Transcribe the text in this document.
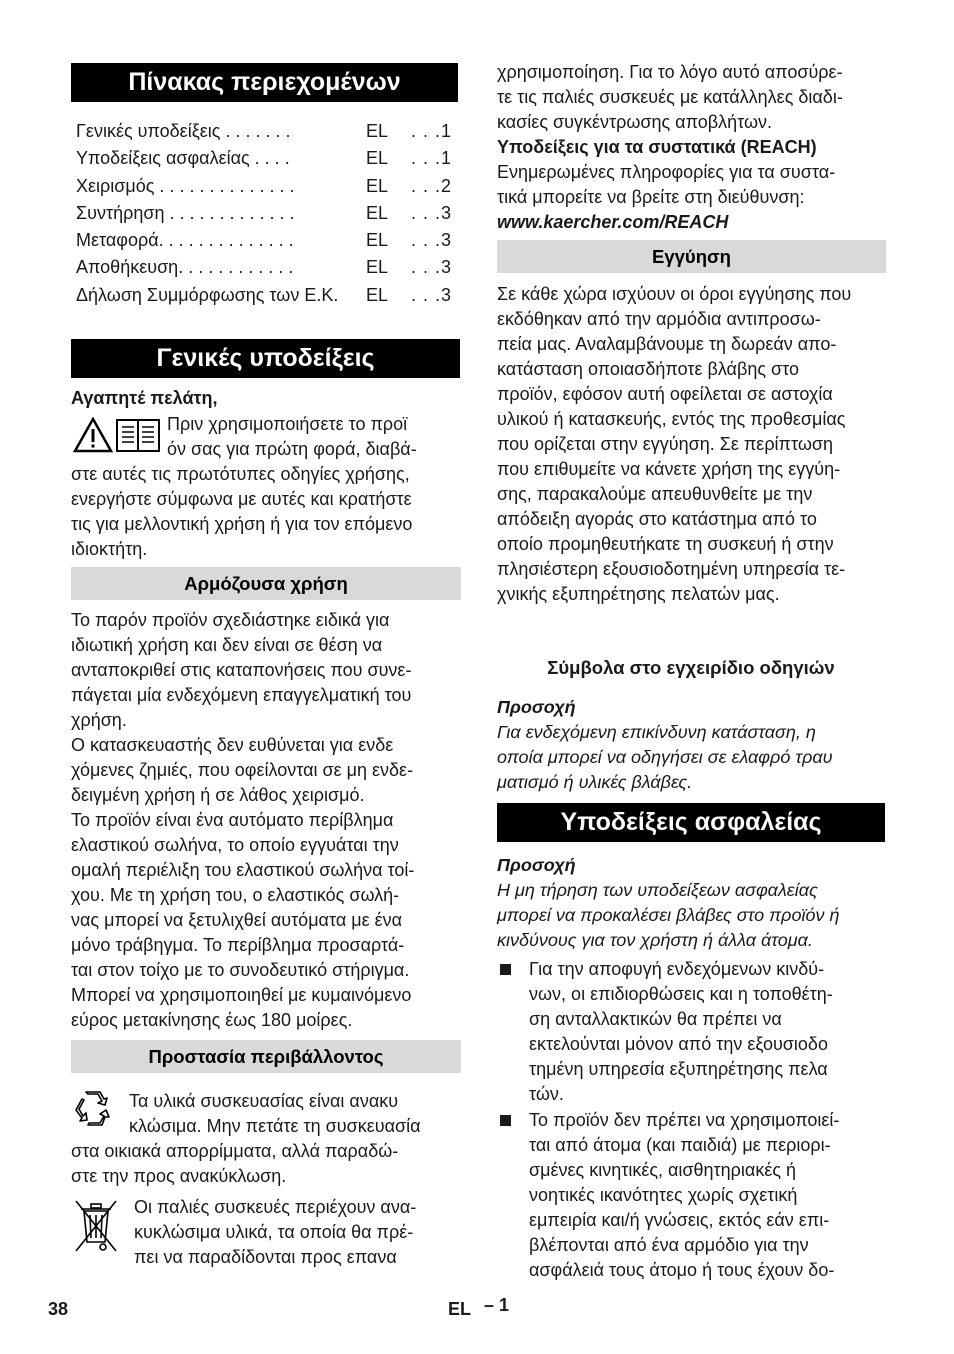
Πίνακας περιεχομένων
Γενικές υποδείξεις . . . . . . .	EL . . .1
Υποδείξεις ασφαλείας . . . .	EL . . .1
Χειρισμός . . . . . . . . . . . . . .	EL . . .2
Συντήρηση . . . . . . . . . . . . .	EL . . .3
Μεταφορά. . . . . . . . . . . . . .	EL . . .3
Αποθήκευση. . . . . . . . . . . .	EL . . .3
Δήλωση Συμμόρφωσης των Ε.Κ. EL . . .3
Γενικές υποδείξεις
Αγαπητέ πελάτη,

Πριν χρησιμοποιήσετε το προϊ

όν σας για πρώτη φορά, διαβά-

στε αυτές τις πρωτότυπες οδηγίες χρήσης,

ενεργήστε σύμφωνα με αυτές και κρατήστε

τις για μελλοντική χρήση ή για τον επόμενο

ιδιοκτήτη.

Αρμόζουσα χρήση

Το παρόν προϊόν σχεδιάστηκε ειδικά για

ιδιωτική χρήση και δεν είναι σε θέση να

ανταποκριθεί στις καταπονήσεις που συνε-

πάγεται μία ενδεχόμενη επαγγελματική του

χρήση.

Ο κατασκευαστής δεν ευθύνεται για ενδε

χόμενες ζημιές, που οφείλονται σε μη ενδε-

δειγμένη χρήση ή σε λάθος χειρισμό.

Το προϊόν είναι ένα αυτόματο περίβλημα

ελαστικού σωλήνα, το οποίο εγγυάται την

ομαλή περιέλιξη του ελαστικού σωλήνα τοί-

χου. Με τη χρήση του, ο ελαστικός σωλή-

νας μπορεί να ξετυλιχθεί αυτόματα με ένα

μόνο τράβηγμα. Το περίβλημα προσαρτά-

ται στον τοίχο με το συνοδευτικό στήριγμα.

Μπορεί να χρησιμοποιηθεί με κυμαινόμενο

εύρος μετακίνησης έως 180 μοίρες.

Προστασία περιβάλλοντος

Τα υλικά συσκευασίας είναι ανακυ

κλώσιμα. Μην πετάτε τη συσκευασία

στα οικιακά απορρίμματα, αλλά παραδώ-

στε την προς ανακύκλωση.

Οι παλιές συσκευές περιέχουν ανα-

κυκλώσιμα υλικά, τα οποία θα πρέ-

πει να παραδίδονται προς επανα

χρησιμοποίηση. Για το λόγο αυτό αποσύρε-

τε τις παλιές συσκευές με κατάλληλες διαδι-

κασίες συγκέντρωσης αποβλήτων.

Υποδείξεις για τα συστατικά (REACH)

Ενημερωμένες πληροφορίες για τα συστα-

τικά μπορείτε να βρείτε στη διεύθυνση:

www.kaercher.com/REACH

Εγγύηση

Σε κάθε χώρα ισχύουν οι όροι εγγύησης που

εκδόθηκαν από την αρμόδια αντιπροσω-

πεία μας. Αναλαμβάνουμε τη δωρεάν απο-

κατάσταση οποιασδήποτε βλάβης στο

προϊόν, εφόσον αυτή οφείλεται σε αστοχία

υλικού ή κατασκευής, εντός της προθεσμίας

που ορίζεται στην εγγύηση. Σε περίπτωση

που επιθυμείτε να κάνετε χρήση της εγγύη-

σης, παρακαλούμε απευθυνθείτε με την

απόδειξη αγοράς στο κατάστημα από το

οποίο προμηθευτήκατε τη συσκευή ή στην

πλησιέστερη εξουσιοδοτημένη υπηρεσία τε-

χνικής εξυπηρέτησης πελατών μας.

Σύμβολα στο εγχειρίδιο οδηγιών

Προσοχή

Για ενδεχόμενη επικίνδυνη κατάσταση, η

οποία μπορεί να οδηγήσει σε ελαφρό τραυ

ματισμό ή υλικές βλάβες.

Υποδείξεις ασφαλείας

Προσοχή

Η μη τήρηση των υποδείξεων ασφαλείας

μπορεί να προκαλέσει βλάβες στο προϊόν ή

κινδύνους για τον χρήστη ή άλλα άτομα.

Για την αποφυγή ενδεχόμενων κινδύ-
νων, οι επιδιορθώσεις και η τοποθέτη-
ση ανταλλακτικών θα πρέπει να
εκτελούνται μόνον από την εξουσιοδο
τημένη υπηρεσία εξυπηρέτησης πελα
τών.
Το προϊόν δεν πρέπει να χρησιμοποιεί-
ται από άτομα (και παιδιά) με περιορι-
σμένες κινητικές, αισθητηριακές ή
νοητικές ικανότητες χωρίς σχετική
εμπειρία και/ή γνώσεις, εκτός εάν επι-
βλέπονται από ένα αρμόδιο για την
ασφάλειά τους άτομο ή τους έχουν δο-
38	EL – 1
